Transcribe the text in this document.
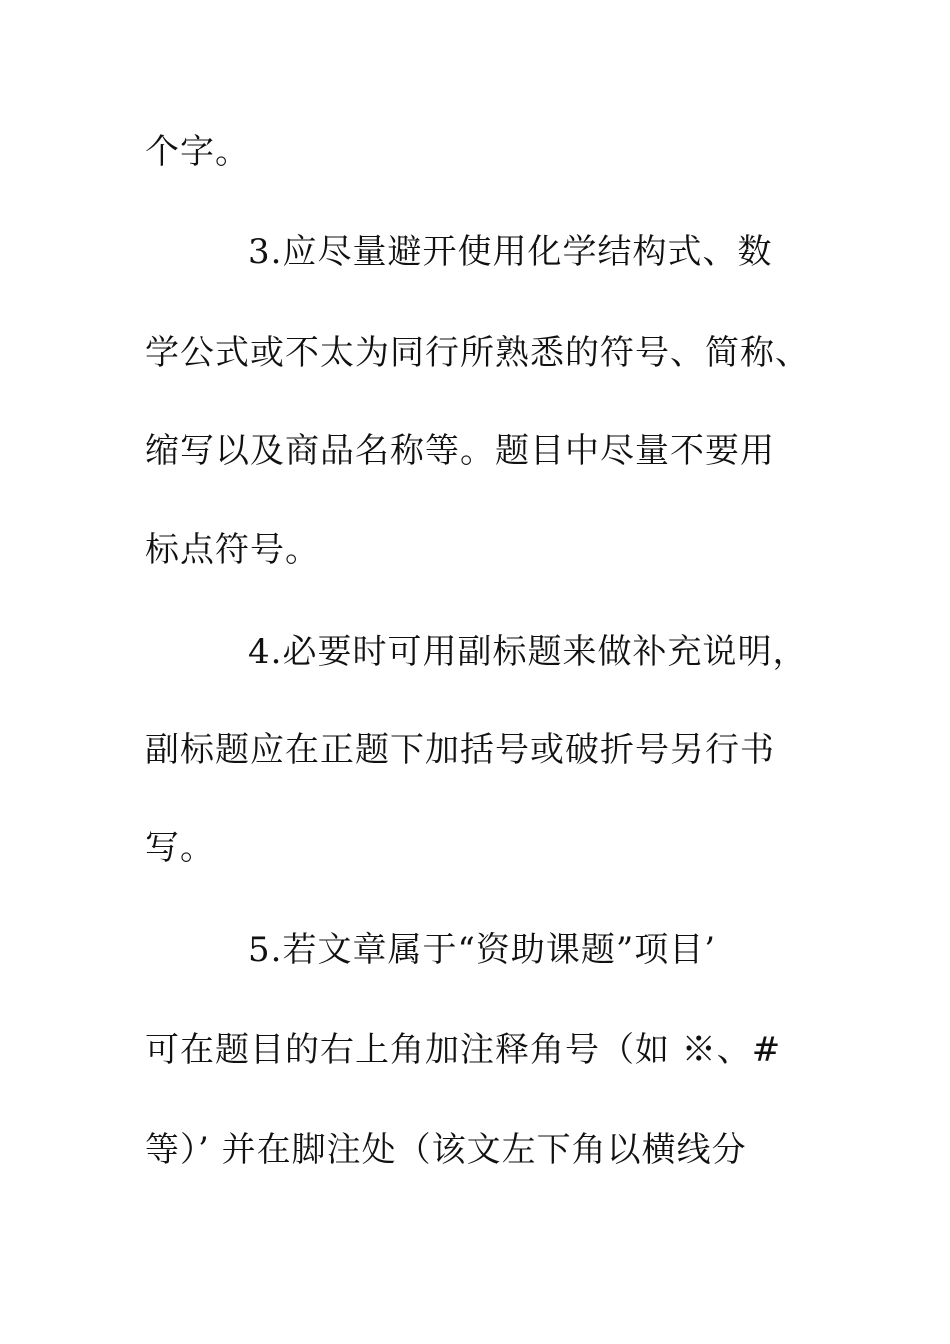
个字。
3.应尽量避开使用化学结构式、数
学公式或不太为同行所熟悉的符号、简称、
缩写以及商品名称等。题目中尽量不要用
标点符号。
4.必要时可用副标题来做补充说明，
副标题应在正题下加括号或破折号另行书
写。
5.若文章属于“资助课题”项目’
可在题目的右上角加注释角号（如 ※、#
等）’ 并在脚注处（该文左下角以横线分
